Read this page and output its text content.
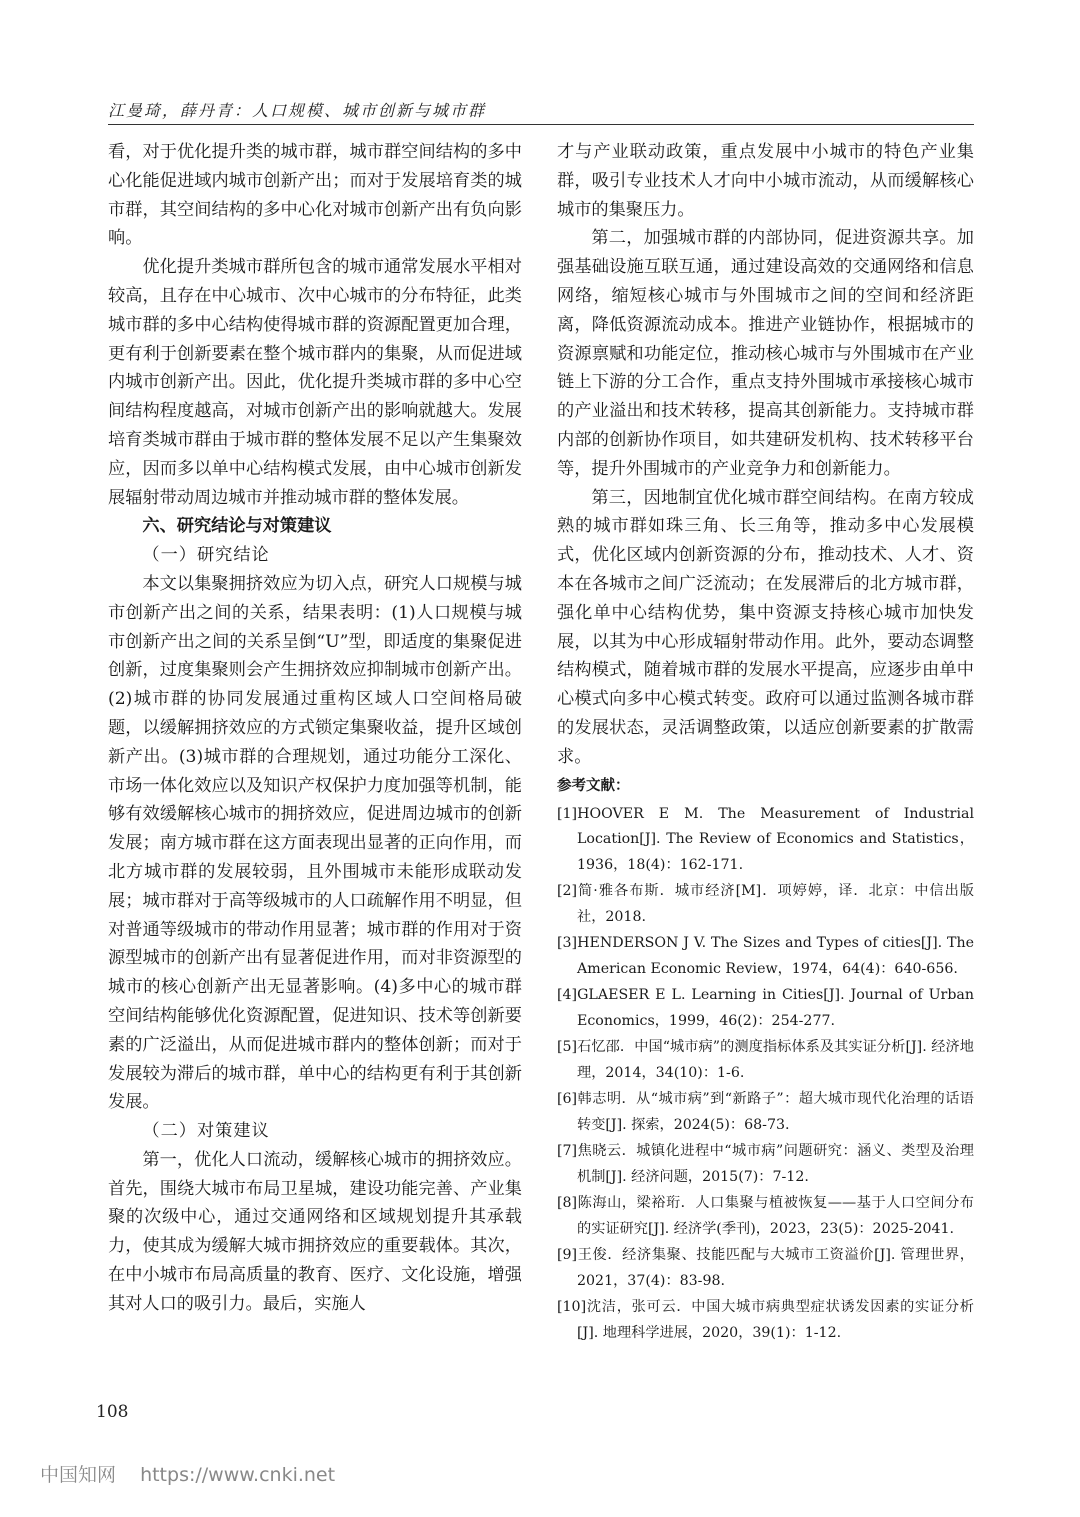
江曼琦，薛丹青：人口规模、城市创新与城市群

看，对于优化提升类的城市群，城市群空间结构的多中心化能促进域内城市创新产出；而对于发展培育类的城市群，其空间结构的多中心化对城市创新产出有负向影响。

优化提升类城市群所包含的城市通常发展水平相对较高，且存在中心城市、次中心城市的分布特征，此类城市群的多中心结构使得城市群的资源配置更加合理，更有利于创新要素在整个城市群内的集聚，从而促进域内城市创新产出。因此，优化提升类城市群的多中心空间结构程度越高，对城市创新产出的影响就越大。发展培育类城市群由于城市群的整体发展不足以产生集聚效应，因而多以单中心结构模式发展，由中心城市创新发展辐射带动周边城市并推动城市群的整体发展。

六、研究结论与对策建议
（一）研究结论

本文以集聚拥挤效应为切入点，研究人口规模与城市创新产出之间的关系，结果表明：(1)人口规模与城市创新产出之间的关系呈倒“U”型，即适度的集聚促进创新，过度集聚则会产生拥挤效应抑制城市创新产出。(2)城市群的协同发展通过重构区域人口空间格局破题，以缓解拥挤效应的方式锁定集聚收益，提升区域创新产出。(3)城市群的合理规划，通过功能分工深化、市场一体化效应以及知识产权保护力度加强等机制，能够有效缓解核心城市的拥挤效应，促进周边城市的创新发展；南方城市群在这方面表现出显著的正向作用，而北方城市群的发展较弱，且外围城市未能形成联动发展；城市群对于高等级城市的人口疏解作用不明显，但对普通等级城市的带动作用显著；城市群的作用对于资源型城市的创新产出有显著促进作用，而对非资源型的城市的核心创新产出无显著影响。(4)多中心的城市群空间结构能够优化资源配置，促进知识、技术等创新要素的广泛溢出，从而促进城市群内的整体创新；而对于发展较为滞后的城市群，单中心的结构更有利于其创新发展。

（二）对策建议

第一，优化人口流动，缓解核心城市的拥挤效应。首先，围绕大城市布局卫星城，建设功能完善、产业集聚的次级中心，通过交通网络和区域规划提升其承载力，使其成为缓解大城市拥挤效应的重要载体。其次，在中小城市布局高质量的教育、医疗、文化设施，增强其对人口的吸引力。最后，实施人

才与产业联动政策，重点发展中小城市的特色产业集群，吸引专业技术人才向中小城市流动，从而缓解核心城市的集聚压力。

第二，加强城市群的内部协同，促进资源共享。加强基础设施互联互通，通过建设高效的交通网络和信息网络，缩短核心城市与外围城市之间的空间和经济距离，降低资源流动成本。推进产业链协作，根据城市的资源禀赋和功能定位，推动核心城市与外围城市在产业链上下游的分工合作，重点支持外围城市承接核心城市的产业溢出和技术转移，提高其创新能力。支持城市群内部的创新协作项目，如共建研发机构、技术转移平台等，提升外围城市的产业竞争力和创新能力。

第三，因地制宜优化城市群空间结构。在南方较成熟的城市群如珠三角、长三角等，推动多中心发展模式，优化区域内创新资源的分布，推动技术、人才、资本在各城市之间广泛流动；在发展滞后的北方城市群，强化单中心结构优势，集中资源支持核心城市加快发展，以其为中心形成辐射带动作用。此外，要动态调整结构模式，随着城市群的发展水平提高，应逐步由单中心模式向多中心模式转变。政府可以通过监测各城市群的发展状态，灵活调整政策，以适应创新要素的扩散需求。

参考文献：
[1]HOOVER E M. The Measurement of Industrial Location[J]. The Review of Economics and Statistics，1936，18(4)：162-171.
[2]简·雅各布斯．城市经济[M]．项婷婷，译．北京：中信出版社，2018.
[3]HENDERSON J V. The Sizes and Types of cities[J]. The American Economic Review，1974，64(4)：640-656.
[4]GLAESER E L. Learning in Cities[J]. Journal of Urban Economics，1999，46(2)：254-277.
[5]石忆邵．中国“城市病”的测度指标体系及其实证分析[J]. 经济地理，2014，34(10)：1-6.
[6]韩志明．从“城市病”到“新路子”：超大城市现代化治理的话语转变[J]. 探索，2024(5)：68-73.
[7]焦晓云．城镇化进程中“城市病”问题研究：涵义、类型及治理机制[J]. 经济问题，2015(7)：7-12.
[8]陈海山，梁裕珩．人口集聚与植被恢复——基于人口空间分布的实证研究[J]. 经济学(季刊)，2023，23(5)：2025-2041.
[9]王俊．经济集聚、技能匹配与大城市工资溢价[J]. 管理世界，2021，37(4)：83-98.
[10]沈洁，张可云．中国大城市病典型症状诱发因素的实证分析[J]. 地理科学进展，2020，39(1)：1-12.
108
中国知网 https://www.cnki.net
